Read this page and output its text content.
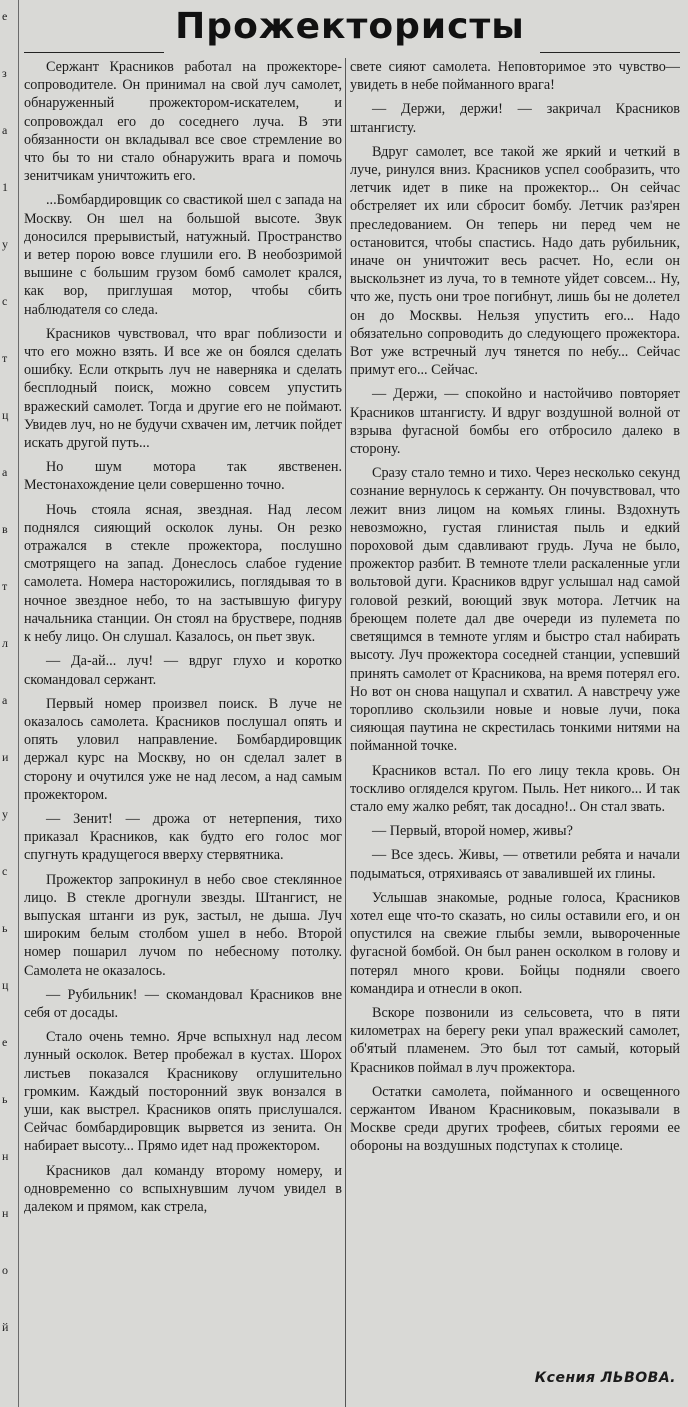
е
з
а
1
у
с
т
ц
а
в
т
л
а
и
у
с
ь
ц
е
ь
н
н
о
й
Прожектористы

Сержант Красников работал на прожекторе-сопроводителе. Он принимал на свой луч самолет, обнаруженный прожектором-искателем, и сопровождал его до соседнего луча. В эти обязанности он вкладывал все свое стремление во что бы то ни стало обнаружить врага и помочь зенитчикам уничтожить его.

...Бомбардировщик со свастикой шел с запада на Москву. Он шел на большой высоте. Звук доносился прерывистый, натужный. Пространство и ветер порою вовсе глушили его. В необозримой вышине с большим грузом бомб самолет крался, как вор, приглушая мотор, чтобы сбить наблюдателя со следа.

Красников чувствовал, что враг поблизости и что его можно взять. И все же он боялся сделать ошибку. Если открыть луч не наверняка и сделать бесплодный поиск, можно совсем упустить вражеский самолет. Тогда и другие его не поймают. Увидев луч, но не будучи схвачен им, летчик пойдет искать другой путь...

Но шум мотора так явственен. Местонахождение цели совершенно точно.

Ночь стояла ясная, звездная. Над лесом поднялся сияющий осколок луны. Он резко отражался в стекле прожектора, послушно смотрящего на запад. Донеслось слабое гудение самолета. Номера насторожились, поглядывая то в ночное звездное небо, то на застывшую фигуру начальника станции. Он стоял на бруствере, подняв к небу лицо. Он слушал. Казалось, он пьет звук.

— Да-ай... луч! — вдруг глухо и коротко скомандовал сержант.

Первый номер произвел поиск. В луче не оказалось самолета. Красников послушал опять и опять уловил направление. Бомбардировщик держал курс на Москву, но он сделал залет в сторону и очутился уже не над лесом, а над самым прожектором.

— Зенит! — дрожа от нетерпения, тихо приказал Красников, как будто его голос мог спугнуть крадущегося вверху стервятника.

Прожектор запрокинул в небо свое стеклянное лицо. В стекле дрогнули звезды. Штангист, не выпуская штанги из рук, застыл, не дыша. Луч широким белым столбом ушел в небо. Второй номер пошарил лучом по небесному потолку. Самолета не оказалось.

— Рубильник! — скомандовал Красников вне себя от досады.

Стало очень темно. Ярче вспыхнул над лесом лунный осколок. Ветер пробежал в кустах. Шорох листьев показался Красникову оглушительно громким. Каждый посторонний звук вонзался в уши, как выстрел. Красников опять прислушался. Сейчас бомбардировщик вырвется из зенита. Он набирает высоту... Прямо идет над прожектором.

Красников дал команду второму номеру, и одновременно со вспыхнувшим лучом увидел в далеком и прямом, как стрела,

свете сияют самолета. Неповторимое это чувство—увидеть в небе пойманного врага!

— Держи, держи! — закричал Красников штангисту.

Вдруг самолет, все такой же яркий и четкий в луче, ринулся вниз. Красников успел сообразить, что летчик идет в пике на прожектор... Он сейчас обстреляет их или сбросит бомбу. Летчик раз'ярен преследованием. Он теперь ни перед чем не остановится, чтобы спастись. Надо дать рубильник, иначе он уничтожит весь расчет. Но, если он выскользнет из луча, то в темноте уйдет совсем... Ну, что же, пусть они трое погибнут, лишь бы не долетел он до Москвы. Нельзя упустить его... Надо обязательно сопроводить до следующего прожектора. Вот уже встречный луч тянется по небу... Сейчас примут его... Сейчас.

— Держи, — спокойно и настойчиво повторяет Красников штангисту. И вдруг воздушной волной от взрыва фугасной бомбы его отбросило далеко в сторону.

Сразу стало темно и тихо. Через несколько секунд сознание вернулось к сержанту. Он почувствовал, что лежит вниз лицом на комьях глины. Вздохнуть невозможно, густая глинистая пыль и едкий пороховой дым сдавливают грудь. Луча не было, прожектор разбит. В темноте тлели раскаленные угли вольтовой дуги. Красников вдруг услышал над самой головой резкий, воющий звук мотора. Летчик на бреющем полете дал две очереди из пулемета по светящимся в темноте углям и быстро стал набирать высоту. Луч прожектора соседней станции, успевший принять самолет от Красникова, на время потерял его. Но вот он снова нащупал и схватил. А навстречу уже торопливо скользили новые и новые лучи, пока сияющая паутина не скрестилась тонкими нитями на пойманной точке.

Красников встал. По его лицу текла кровь. Он тоскливо огляделся кругом. Пыль. Нет никого... И так стало ему жалко ребят, так досадно!.. Он стал звать.

— Первый, второй номер, живы?

— Все здесь. Живы, — ответили ребята и начали подыматься, отряхиваясь от завалившей их глины.

Услышав знакомые, родные голоса, Красников хотел еще что-то сказать, но силы оставили его, и он опустился на свежие глыбы земли, вывороченные фугасной бомбой. Он был ранен осколком в голову и потерял много крови. Бойцы подняли своего командира и отнесли в окоп.

Вскоре позвонили из сельсовета, что в пяти километрах на берегу реки упал вражеский самолет, об'ятый пламенем. Это был тот самый, который Красников поймал в луч прожектора.

Остатки самолета, пойманного и освещенного сержантом Иваном Красниковым, показывали в Москве среди других трофеев, сбитых героями ее обороны на воздушных подступах к столице.

Ксения ЛЬВОВА.
